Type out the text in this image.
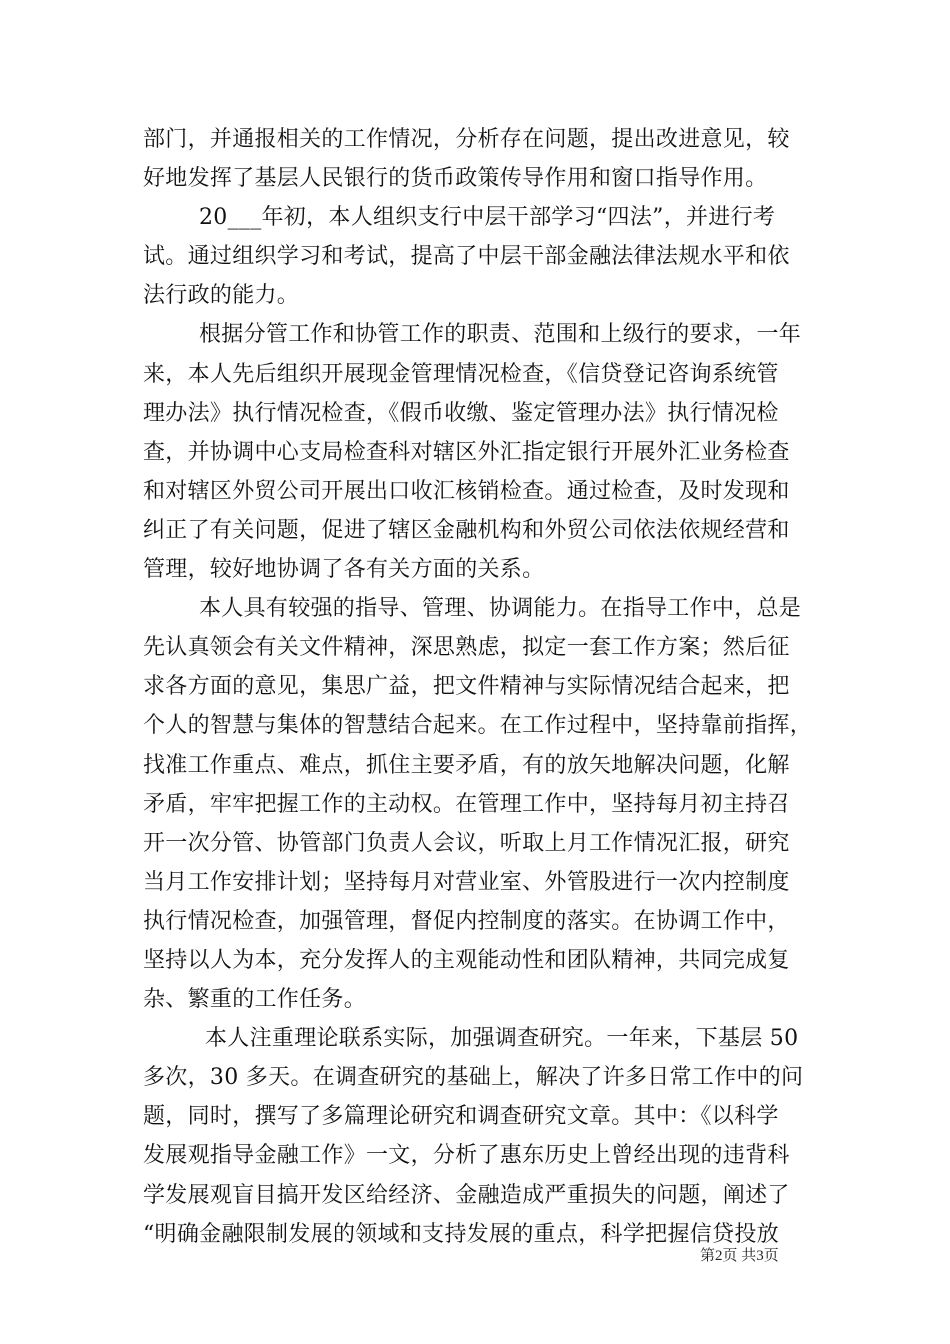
部门，并通报相关的工作情况，分析存在问题，提出改进意见，较
好地发挥了基层人民银行的货币政策传导作用和窗口指导作用。
20___年初，本人组织支行中层干部学习“四法”，并进行考
试。通过组织学习和考试，提高了中层干部金融法律法规水平和依
法行政的能力。
根据分管工作和协管工作的职责、范围和上级行的要求，一年
来，本人先后组织开展现金管理情况检查，《信贷登记咨询系统管
理办法》执行情况检查，《假币收缴、鉴定管理办法》执行情况检
查，并协调中心支局检查科对辖区外汇指定银行开展外汇业务检查
和对辖区外贸公司开展出口收汇核销检查。通过检查，及时发现和
纠正了有关问题，促进了辖区金融机构和外贸公司依法依规经营和
管理，较好地协调了各有关方面的关系。
本人具有较强的指导、管理、协调能力。在指导工作中，总是
先认真领会有关文件精神，深思熟虑，拟定一套工作方案；然后征
求各方面的意见，集思广益，把文件精神与实际情况结合起来，把
个人的智慧与集体的智慧结合起来。在工作过程中，坚持靠前指挥，
找准工作重点、难点，抓住主要矛盾，有的放矢地解决问题，化解
矛盾，牢牢把握工作的主动权。在管理工作中，坚持每月初主持召
开一次分管、协管部门负责人会议，听取上月工作情况汇报，研究
当月工作安排计划；坚持每月对营业室、外管股进行一次内控制度
执行情况检查，加强管理，督促内控制度的落实。在协调工作中，
坚持以人为本，充分发挥人的主观能动性和团队精神，共同完成复
杂、繁重的工作任务。
本人注重理论联系实际，加强调查研究。一年来，下基层 50
多次，30 多天。在调查研究的基础上，解决了许多日常工作中的问
题，同时，撰写了多篇理论研究和调查研究文章。其中：《以科学
发展观指导金融工作》一文，分析了惠东历史上曾经出现的违背科
学发展观盲目搞开发区给经济、金融造成严重损失的问题，阐述了
“明确金融限制发展的领域和支持发展的重点，科学把握信贷投放
第2页 共3页
